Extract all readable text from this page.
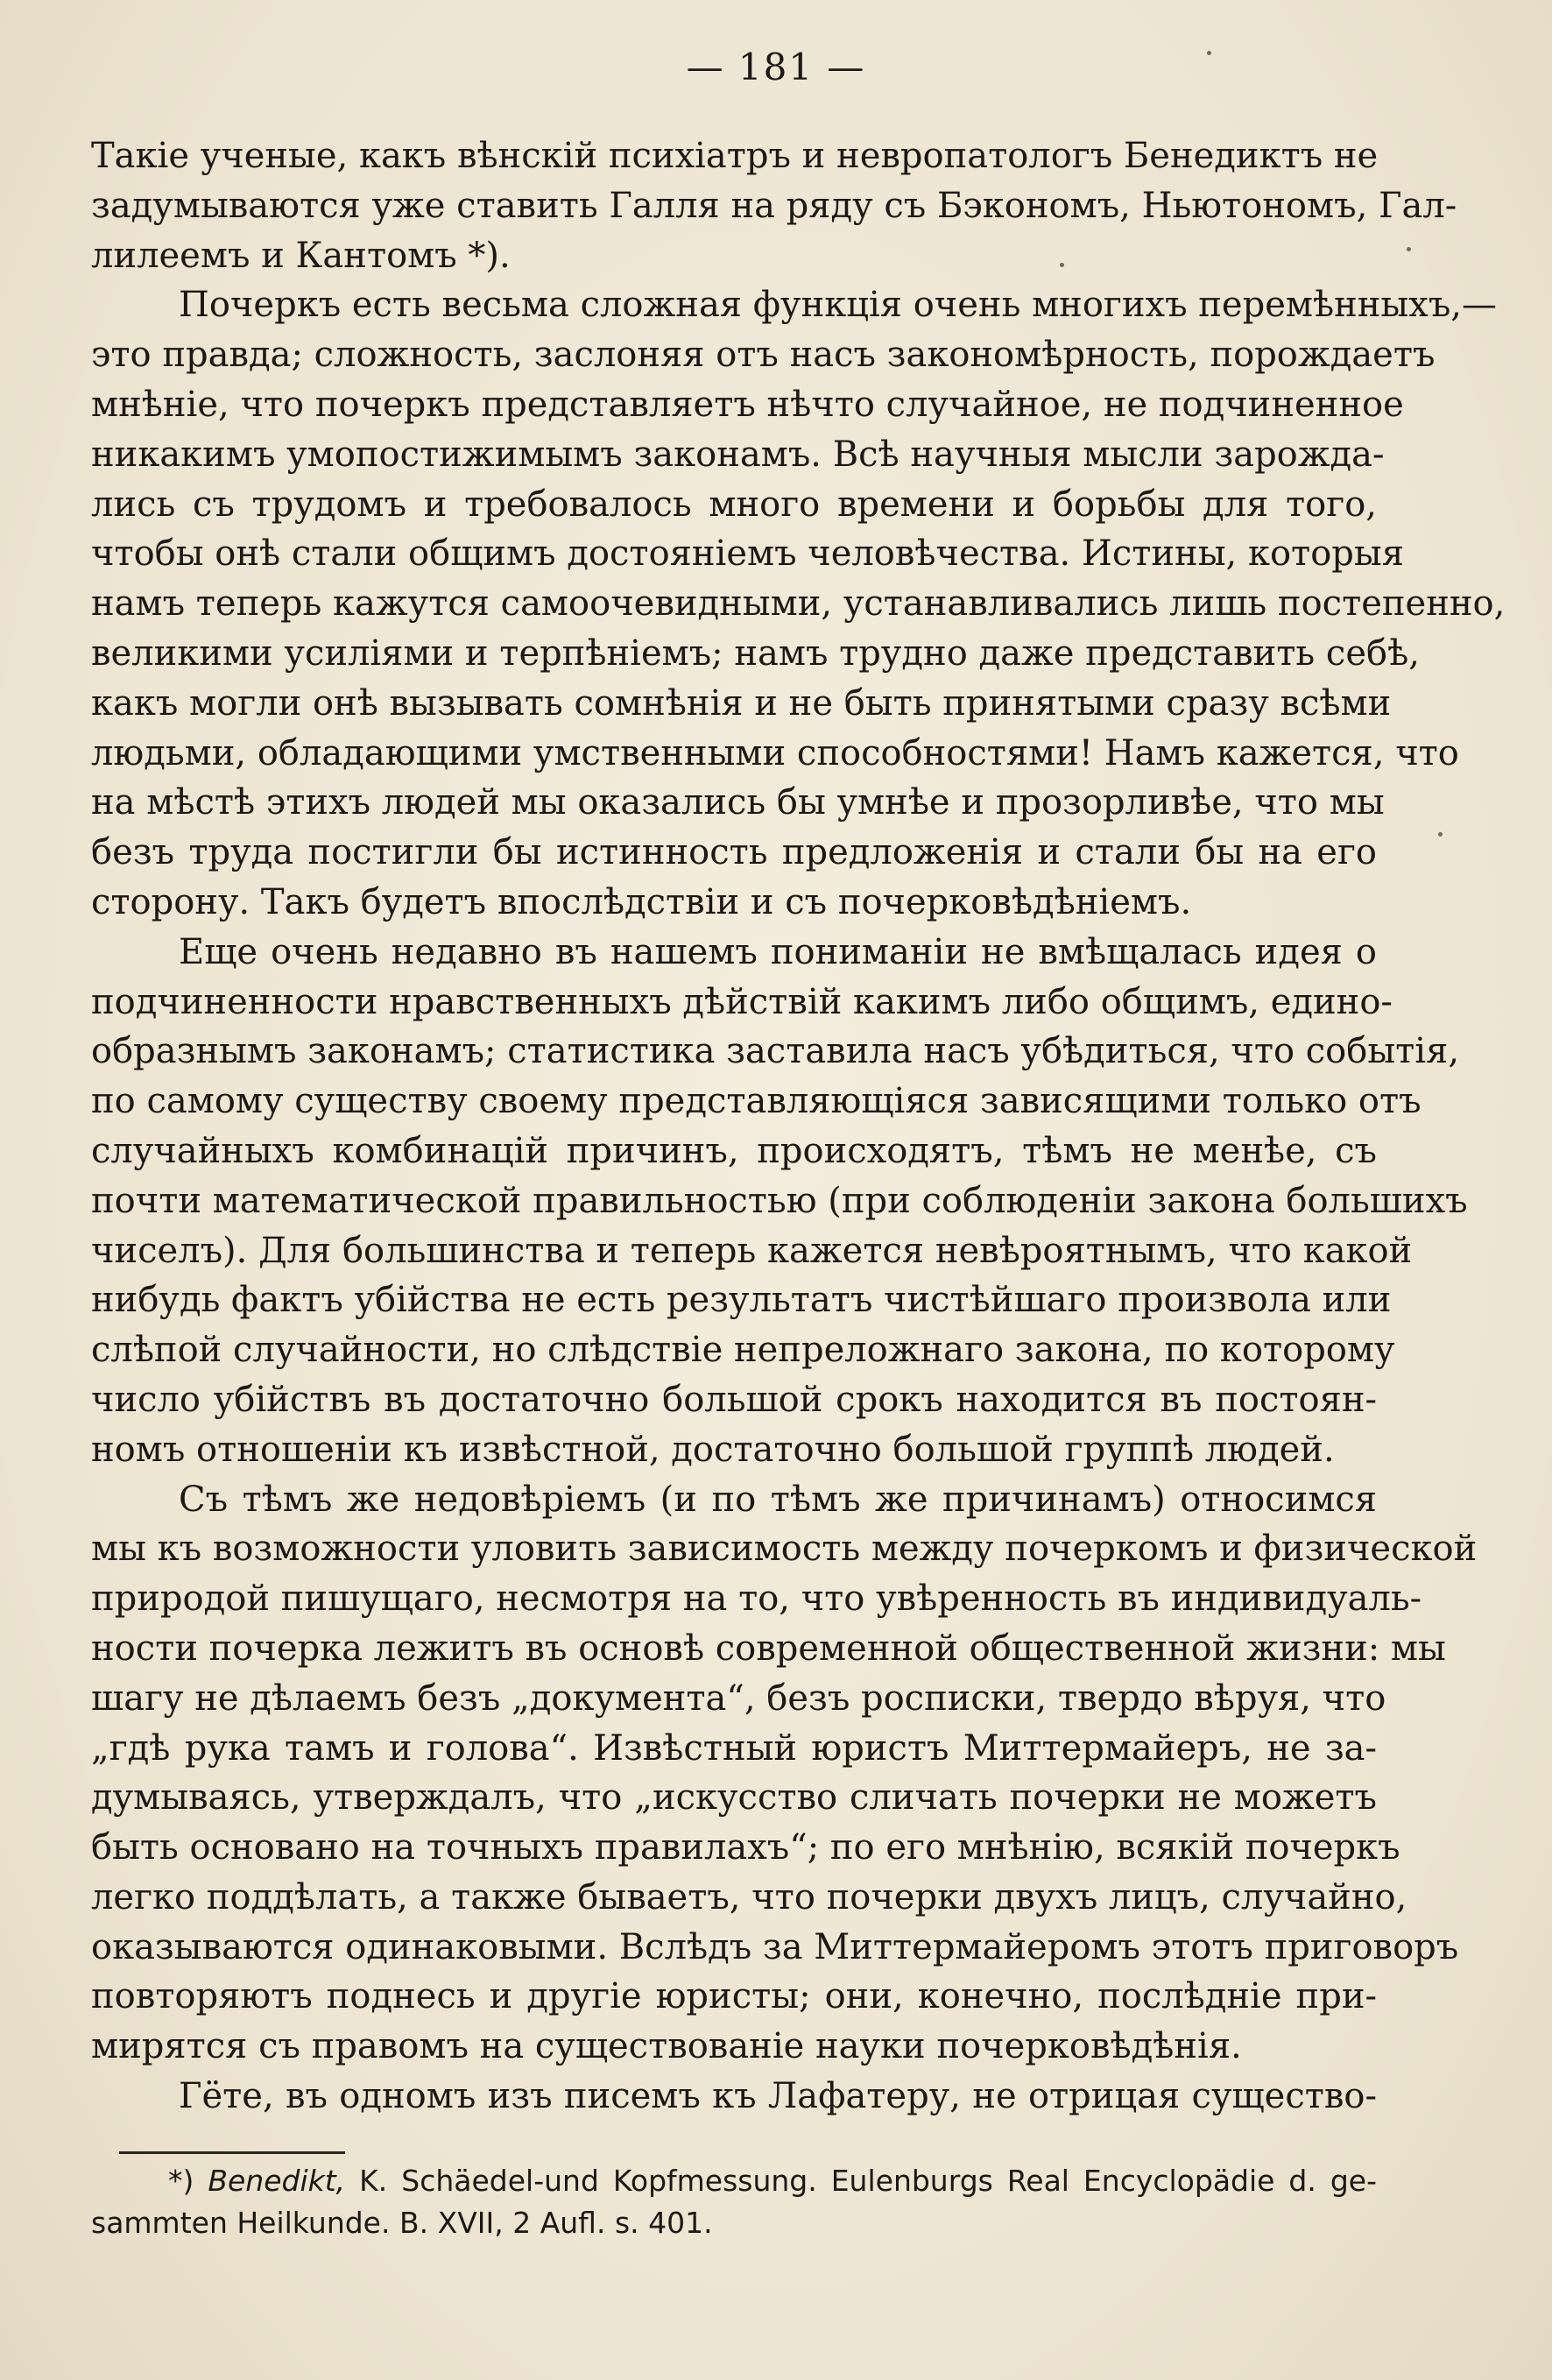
— 181 —
Такіе ученые, какъ вѣнскій психіатръ и невропатологъ Бенедиктъ не
задумываются уже ставить Галля на ряду съ Бэкономъ, Ньютономъ, Гал-
лилеемъ и Кантомъ *).
Почеркъ есть весьма сложная функція очень многихъ перемѣнныхъ,—
это правда; сложность, заслоняя отъ насъ закономѣрность, порождаетъ
мнѣніе, что почеркъ представляетъ нѣчто случайное, не подчиненное
никакимъ умопостижимымъ законамъ. Всѣ научныя мысли зарожда-
лись съ трудомъ и требовалось много времени и борьбы для того,
чтобы онѣ стали общимъ достояніемъ человѣчества. Истины, которыя
намъ теперь кажутся самоочевидными, устанавливались лишь постепенно,
великими усиліями и терпѣніемъ; намъ трудно даже представить себѣ,
какъ могли онѣ вызывать сомнѣнія и не быть принятыми сразу всѣми
людьми, обладающими умственными способностями! Намъ кажется, что
на мѣстѣ этихъ людей мы оказались бы умнѣе и прозорливѣе, что мы
безъ труда постигли бы истинность предложенія и стали бы на его
сторону. Такъ будетъ впослѣдствіи и съ почерковѣдѣніемъ.
Еще очень недавно въ нашемъ пониманіи не вмѣщалась идея о
подчиненности нравственныхъ дѣйствій какимъ либо общимъ, едино-
образнымъ законамъ; статистика заставила насъ убѣдиться, что событія,
по самому существу своему представляющіяся зависящими только отъ
случайныхъ комбинацій причинъ, происходятъ, тѣмъ не менѣе, съ
почти математической правильностью (при соблюденіи закона большихъ
чиселъ). Для большинства и теперь кажется невѣроятнымъ, что какой
нибудь фактъ убійства не есть результатъ чистѣйшаго произвола или
слѣпой случайности, но слѣдствіе непреложнаго закона, по которому
число убійствъ въ достаточно большой срокъ находится въ постоян-
номъ отношеніи къ извѣстной, достаточно большой группѣ людей.
Съ тѣмъ же недовѣріемъ (и по тѣмъ же причинамъ) относимся
мы къ возможности уловить зависимость между почеркомъ и физической
природой пишущаго, несмотря на то, что увѣренность въ индивидуаль-
ности почерка лежитъ въ основѣ современной общественной жизни: мы
шагу не дѣлаемъ безъ „документа“, безъ росписки, твердо вѣруя, что
„гдѣ рука тамъ и голова“. Извѣстный юристъ Миттермайеръ, не за-
думываясь, утверждалъ, что „искусство сличать почерки не можетъ
быть основано на точныхъ правилахъ“; по его мнѣнію, всякій почеркъ
легко поддѣлать, а также бываетъ, что почерки двухъ лицъ, случайно,
оказываются одинаковыми. Вслѣдъ за Миттермайеромъ этотъ приговоръ
повторяютъ поднесь и другіе юристы; они, конечно, послѣдніе при-
мирятся съ правомъ на существованіе науки почерковѣдѣнія.
Гёте, въ одномъ изъ писемъ къ Лафатеру, не отрицая существо-
*) Benedikt, K. Schäedel-und Kopfmessung. Eulenburgs Real Encyclopädie d. ge-
sammten Heilkunde. B. XVII, 2 Aufl. s. 401.
